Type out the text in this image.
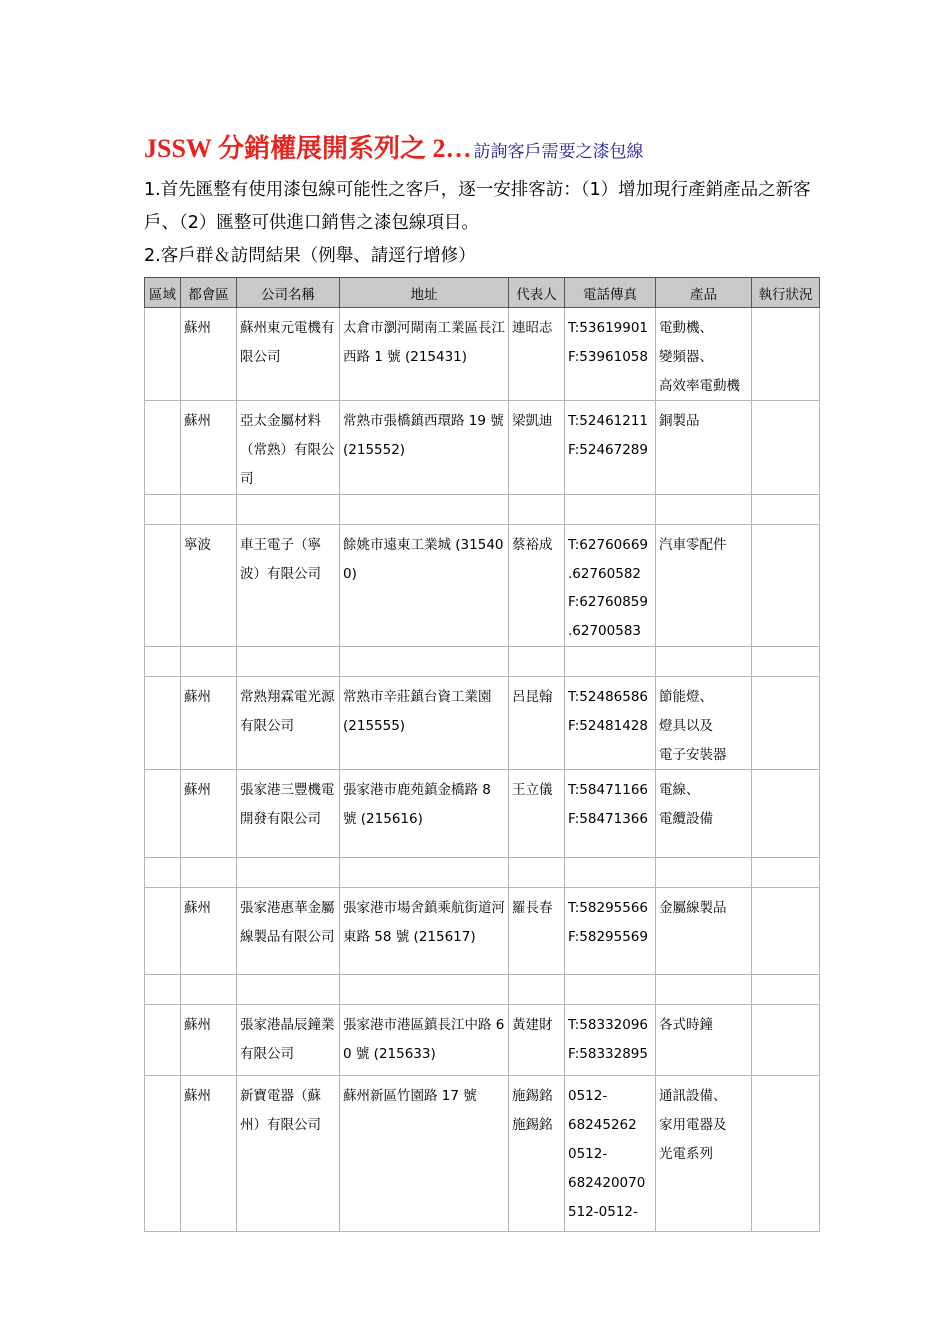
JSSW 分銷權展開系列之 2… 訪詢客戶需要之漆包線
1.首先匯整有使用漆包線可能性之客戶，逐一安排客訪：（1）增加現行產銷產品之新客戶、（2）匯整可供進口銷售之漆包線項目。
2.客戶群＆訪問結果（例舉、請逕行增修）
區域	都會區	公司名稱	地址	代表人	電話傳真	產品	執行狀況
	蘇州	蘇州東元電機有限公司	太倉市瀏河閘南工業區長江西路 1 號 (215431)	連昭志	T:53619901
F:53961058	電動機、
變頻器、
高效率電動機	

	蘇州	亞太金屬材料（常熟）有限公司	常熟市張橋鎮西環路 19 號 (215552)	梁凱迪	T:52461211
F:52467289	銅製品	

	寧波	車王電子（寧波）有限公司	餘姚市遠東工業城 (315400)	蔡裕成	T:62760669
.62760582
F:62760859
.62700583	汽車零配件	

	蘇州	常熟翔霖電光源有限公司	常熟市辛莊鎮台資工業園 (215555)	呂昆翰	T:52486586
F:52481428	節能燈、
燈具以及
電子安裝器	

	蘇州	張家港三豐機電開發有限公司	張家港市鹿苑鎮金橋路 8 號 (215616)	王立儀	T:58471166
F:58471366	電線、
電纜設備	

	蘇州	張家港惠華金屬線製品有限公司	張家港市場舍鎮乘航街道河東路 58 號 (215617)	羅長春	T:58295566
F:58295569	金屬線製品	

	蘇州	張家港晶辰鐘業有限公司	張家港市港區鎮長江中路 60 號 (215633)	黃建財	T:58332096
F:58332895	各式時鐘	

	蘇州	新寶電器（蘇州）有限公司	蘇州新區竹園路 17 號	施錫銘施錫銘	0512-
68245262
0512-
682420070
512-0512-	通訊設備、
家用電器及
光電系列	
